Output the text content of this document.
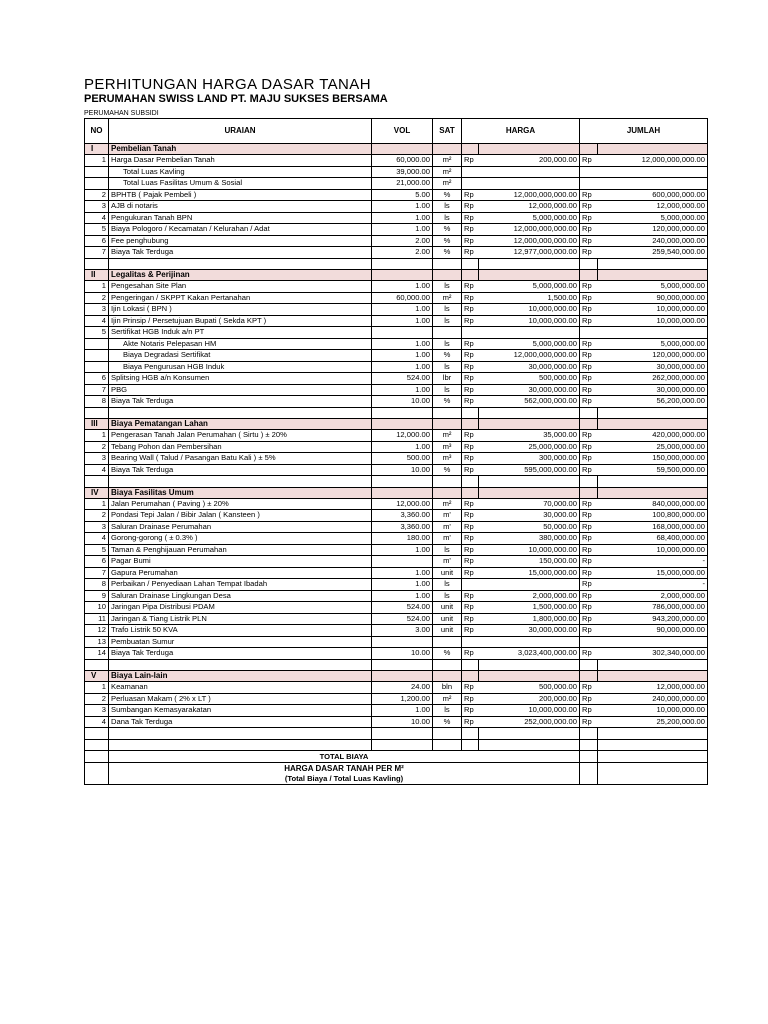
PERHITUNGAN HARGA DASAR TANAH
PERUMAHAN SWISS LAND PT. MAJU SUKSES BERSAMA
PERUMAHAN SUBSIDI
NO	URAIAN	VOL	SAT	HARGA		JUMLAH	
I	Pembelian Tanah						
1	Harga Dasar Pembelian Tanah	60,000.00	m²	Rp	200,000.00	Rp	12,000,000,000.00
	Total Luas Kavling	39,000.00	m²				
	Total Luas Fasilitas Umum & Sosial	21,000.00	m²				
2	BPHTB ( Pajak Pembeli )	5.00	%	Rp	12,000,000,000.00	Rp	600,000,000.00
3	AJB di notaris	1.00	ls	Rp	12,000,000.00	Rp	12,000,000.00
4	Pengukuran Tanah BPN	1.00	ls	Rp	5,000,000.00	Rp	5,000,000.00
5	Biaya Pologoro / Kecamatan / Kelurahan / Adat	1.00	%	Rp	12,000,000,000.00	Rp	120,000,000.00
6	Fee penghubung	2.00	%	Rp	12,000,000,000.00	Rp	240,000,000.00
7	Biaya Tak Terduga	2.00	%	Rp	12,977,000,000.00	Rp	259,540,000.00

II	Legalitas & Perijinan						
1	Pengesahan Site Plan	1.00	ls	Rp	5,000,000.00	Rp	5,000,000.00
2	Pengeringan / SKPPT Kakan Pertanahan	60,000.00	m²	Rp	1,500.00	Rp	90,000,000.00
3	Ijin Lokasi ( BPN )	1.00	ls	Rp	10,000,000.00	Rp	10,000,000.00
4	Ijin Prinsip / Persetujuan Bupati ( Sekda KPT )	1.00	ls	Rp	10,000,000.00	Rp	10,000,000.00
5	Sertifikat HGB Induk a/n PT						
	Akte Notaris Pelepasan HM	1.00	ls	Rp	5,000,000.00	Rp	5,000,000.00
	Biaya Degradasi Sertifikat	1.00	%	Rp	12,000,000,000.00	Rp	120,000,000.00
	Biaya Pengurusan HGB Induk	1.00	ls	Rp	30,000,000.00	Rp	30,000,000.00
6	Splitsing HGB a/n Konsumen	524.00	lbr	Rp	500,000.00	Rp	262,000,000.00
7	PBG	1.00	ls	Rp	30,000,000.00	Rp	30,000,000.00
8	Biaya Tak Terduga	10.00	%	Rp	562,000,000.00	Rp	56,200,000.00

III	Biaya Pematangan Lahan						
1	Pengerasan Tanah Jalan Perumahan ( Sirtu ) ± 20%	12,000.00	m²	Rp	35,000.00	Rp	420,000,000.00
2	Tebang Pohon dan Pembersihan	1.00	m³	Rp	25,000,000.00	Rp	25,000,000.00
3	Bearing Wall ( Talud / Pasangan Batu Kali ) ± 5%	500.00	m³	Rp	300,000.00	Rp	150,000,000.00
4	Biaya Tak Terduga	10.00	%	Rp	595,000,000.00	Rp	59,500,000.00

IV	Biaya Fasilitas Umum						
1	Jalan Perumahan ( Paving ) ± 20%	12,000.00	m²	Rp	70,000.00	Rp	840,000,000.00
2	Pondasi Tepi Jalan / Bibir Jalan ( Kansteen )	3,360.00	m'	Rp	30,000.00	Rp	100,800,000.00
3	Saluran Drainase Perumahan	3,360.00	m'	Rp	50,000.00	Rp	168,000,000.00
4	Gorong-gorong ( ± 0.3% )	180.00	m'	Rp	380,000.00	Rp	68,400,000.00
5	Taman & Penghijauan Perumahan	1.00	ls	Rp	10,000,000.00	Rp	10,000,000.00
6	Pagar Bumi		m'	Rp	150,000.00	Rp	-
7	Gapura Perumahan	1.00	unit	Rp	15,000,000.00	Rp	15,000,000.00
8	Perbaikan / Penyediaan Lahan Tempat Ibadah	1.00	ls			Rp	-
9	Saluran Drainase Lingkungan Desa	1.00	ls	Rp	2,000,000.00	Rp	2,000,000.00
10	Jaringan Pipa Distribusi PDAM	524.00	unit	Rp	1,500,000.00	Rp	786,000,000.00
11	Jaringan & Tiang Listrik PLN	524.00	unit	Rp	1,800,000.00	Rp	943,200,000.00
12	Trafo Listrik 50 KVA	3.00	unit	Rp	30,000,000.00	Rp	90,000,000.00
13	Pembuatan Sumur						
14	Biaya Tak Terduga	10.00	%	Rp	3,023,400,000.00	Rp	302,340,000.00

V	Biaya Lain-lain						
1	Keamanan	24.00	bln	Rp	500,000.00	Rp	12,000,000.00
2	Perluasan Makam ( 2% x LT )	1,200.00	m²	Rp	200,000.00	Rp	240,000,000.00
3	Sumbangan Kemasyarakatan	1.00	ls	Rp	10,000,000.00	Rp	10,000,000.00
4	Dana Tak Terduga	10.00	%	Rp	252,000,000.00	Rp	25,200,000.00

	TOTAL BIAYA						
	HARGA DASAR TANAH PER M²						
	(Total Biaya / Total Luas Kavling)						
